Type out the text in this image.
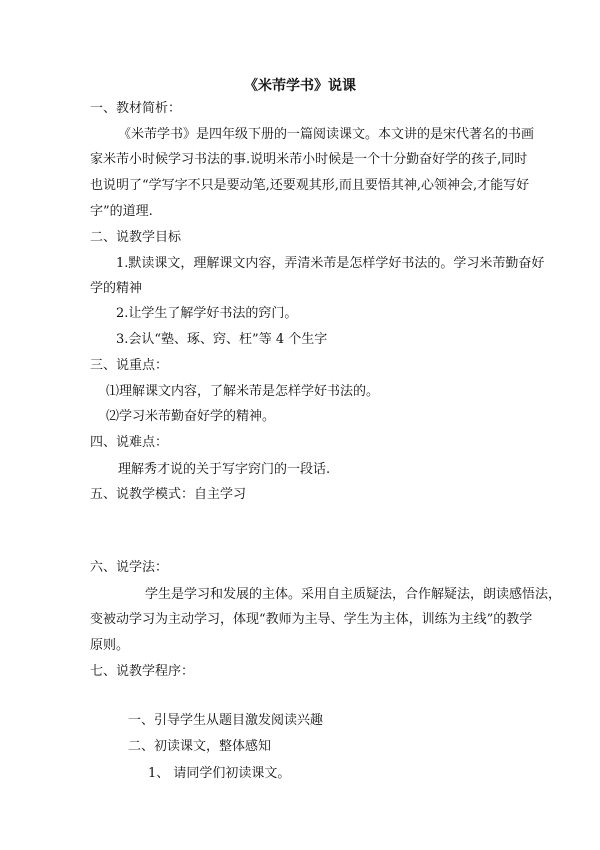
《米芾学书》说课
一、教材简析：
《米芾学书》是四年级下册的一篇阅读课文。本文讲的是宋代著名的书画
家米芾小时候学习书法的事.说明米芾小时候是一个十分勤奋好学的孩子,同时
也说明了“学写字不只是要动笔,还要观其形,而且要悟其神,心领神会,才能写好
字”的道理.
二、说教学目标
1.默读课文，理解课文内容，弄清米芾是怎样学好书法的。学习米芾勤奋好
学的精神
2.让学生了解学好书法的窍门。
3.会认“塾、琢、窍、枉”等 4 个生字
三、说重点：
⑴理解课文内容，了解米芾是怎样学好书法的。
⑵学习米芾勤奋好学的精神。
四、说难点：
理解秀才说的关于写字窍门的一段话.
五、说教学模式：自主学习
六、说学法：
学生是学习和发展的主体。采用自主质疑法，合作解疑法，朗读感悟法，
变被动学习为主动学习，体现“教师为主导、学生为主体，训练为主线”的教学
原则。
七、说教学程序：
一、引导学生从题目激发阅读兴趣
二、初读课文，整体感知
1、 请同学们初读课文。
